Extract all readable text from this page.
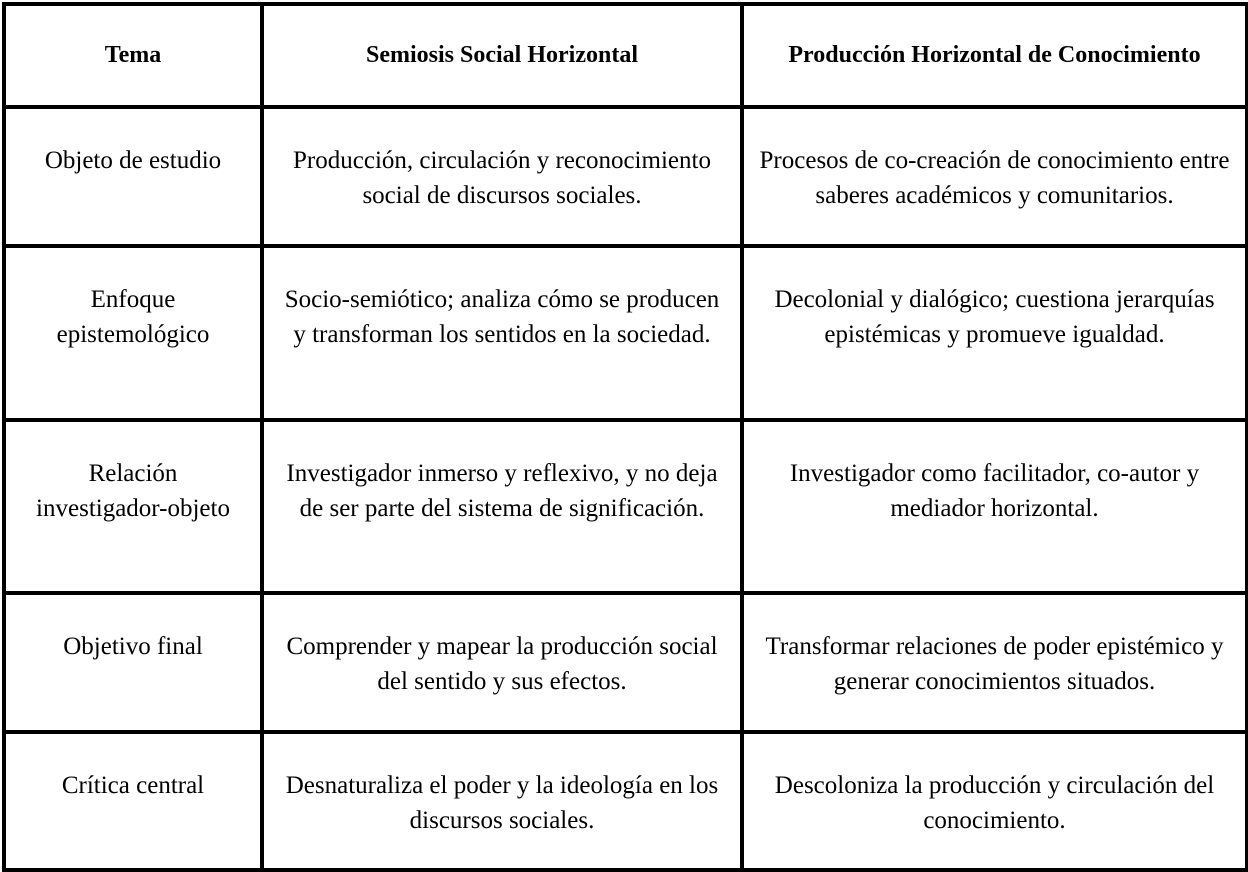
Tema	Semiosis Social Horizontal	Producción Horizontal de Conocimiento
Objeto de estudio	Producción, circulación y reconocimiento social de discursos sociales.	Procesos de co-creación de conocimiento entre saberes académicos y comunitarios.
Enfoque epistemológico	Socio-semiótico; analiza cómo se producen y transforman los sentidos en la sociedad.	Decolonial y dialógico; cuestiona jerarquías epistémicas y promueve igualdad.
Relación investigador-objeto	Investigador inmerso y reflexivo, y no deja de ser parte del sistema de significación.	Investigador como facilitador, co-autor y mediador horizontal.
Objetivo final	Comprender y mapear la producción social del sentido y sus efectos.	Transformar relaciones de poder epistémico y generar conocimientos situados.
Crítica central	Desnaturaliza el poder y la ideología en los discursos sociales.	Descoloniza la producción y circulación del conocimiento.
